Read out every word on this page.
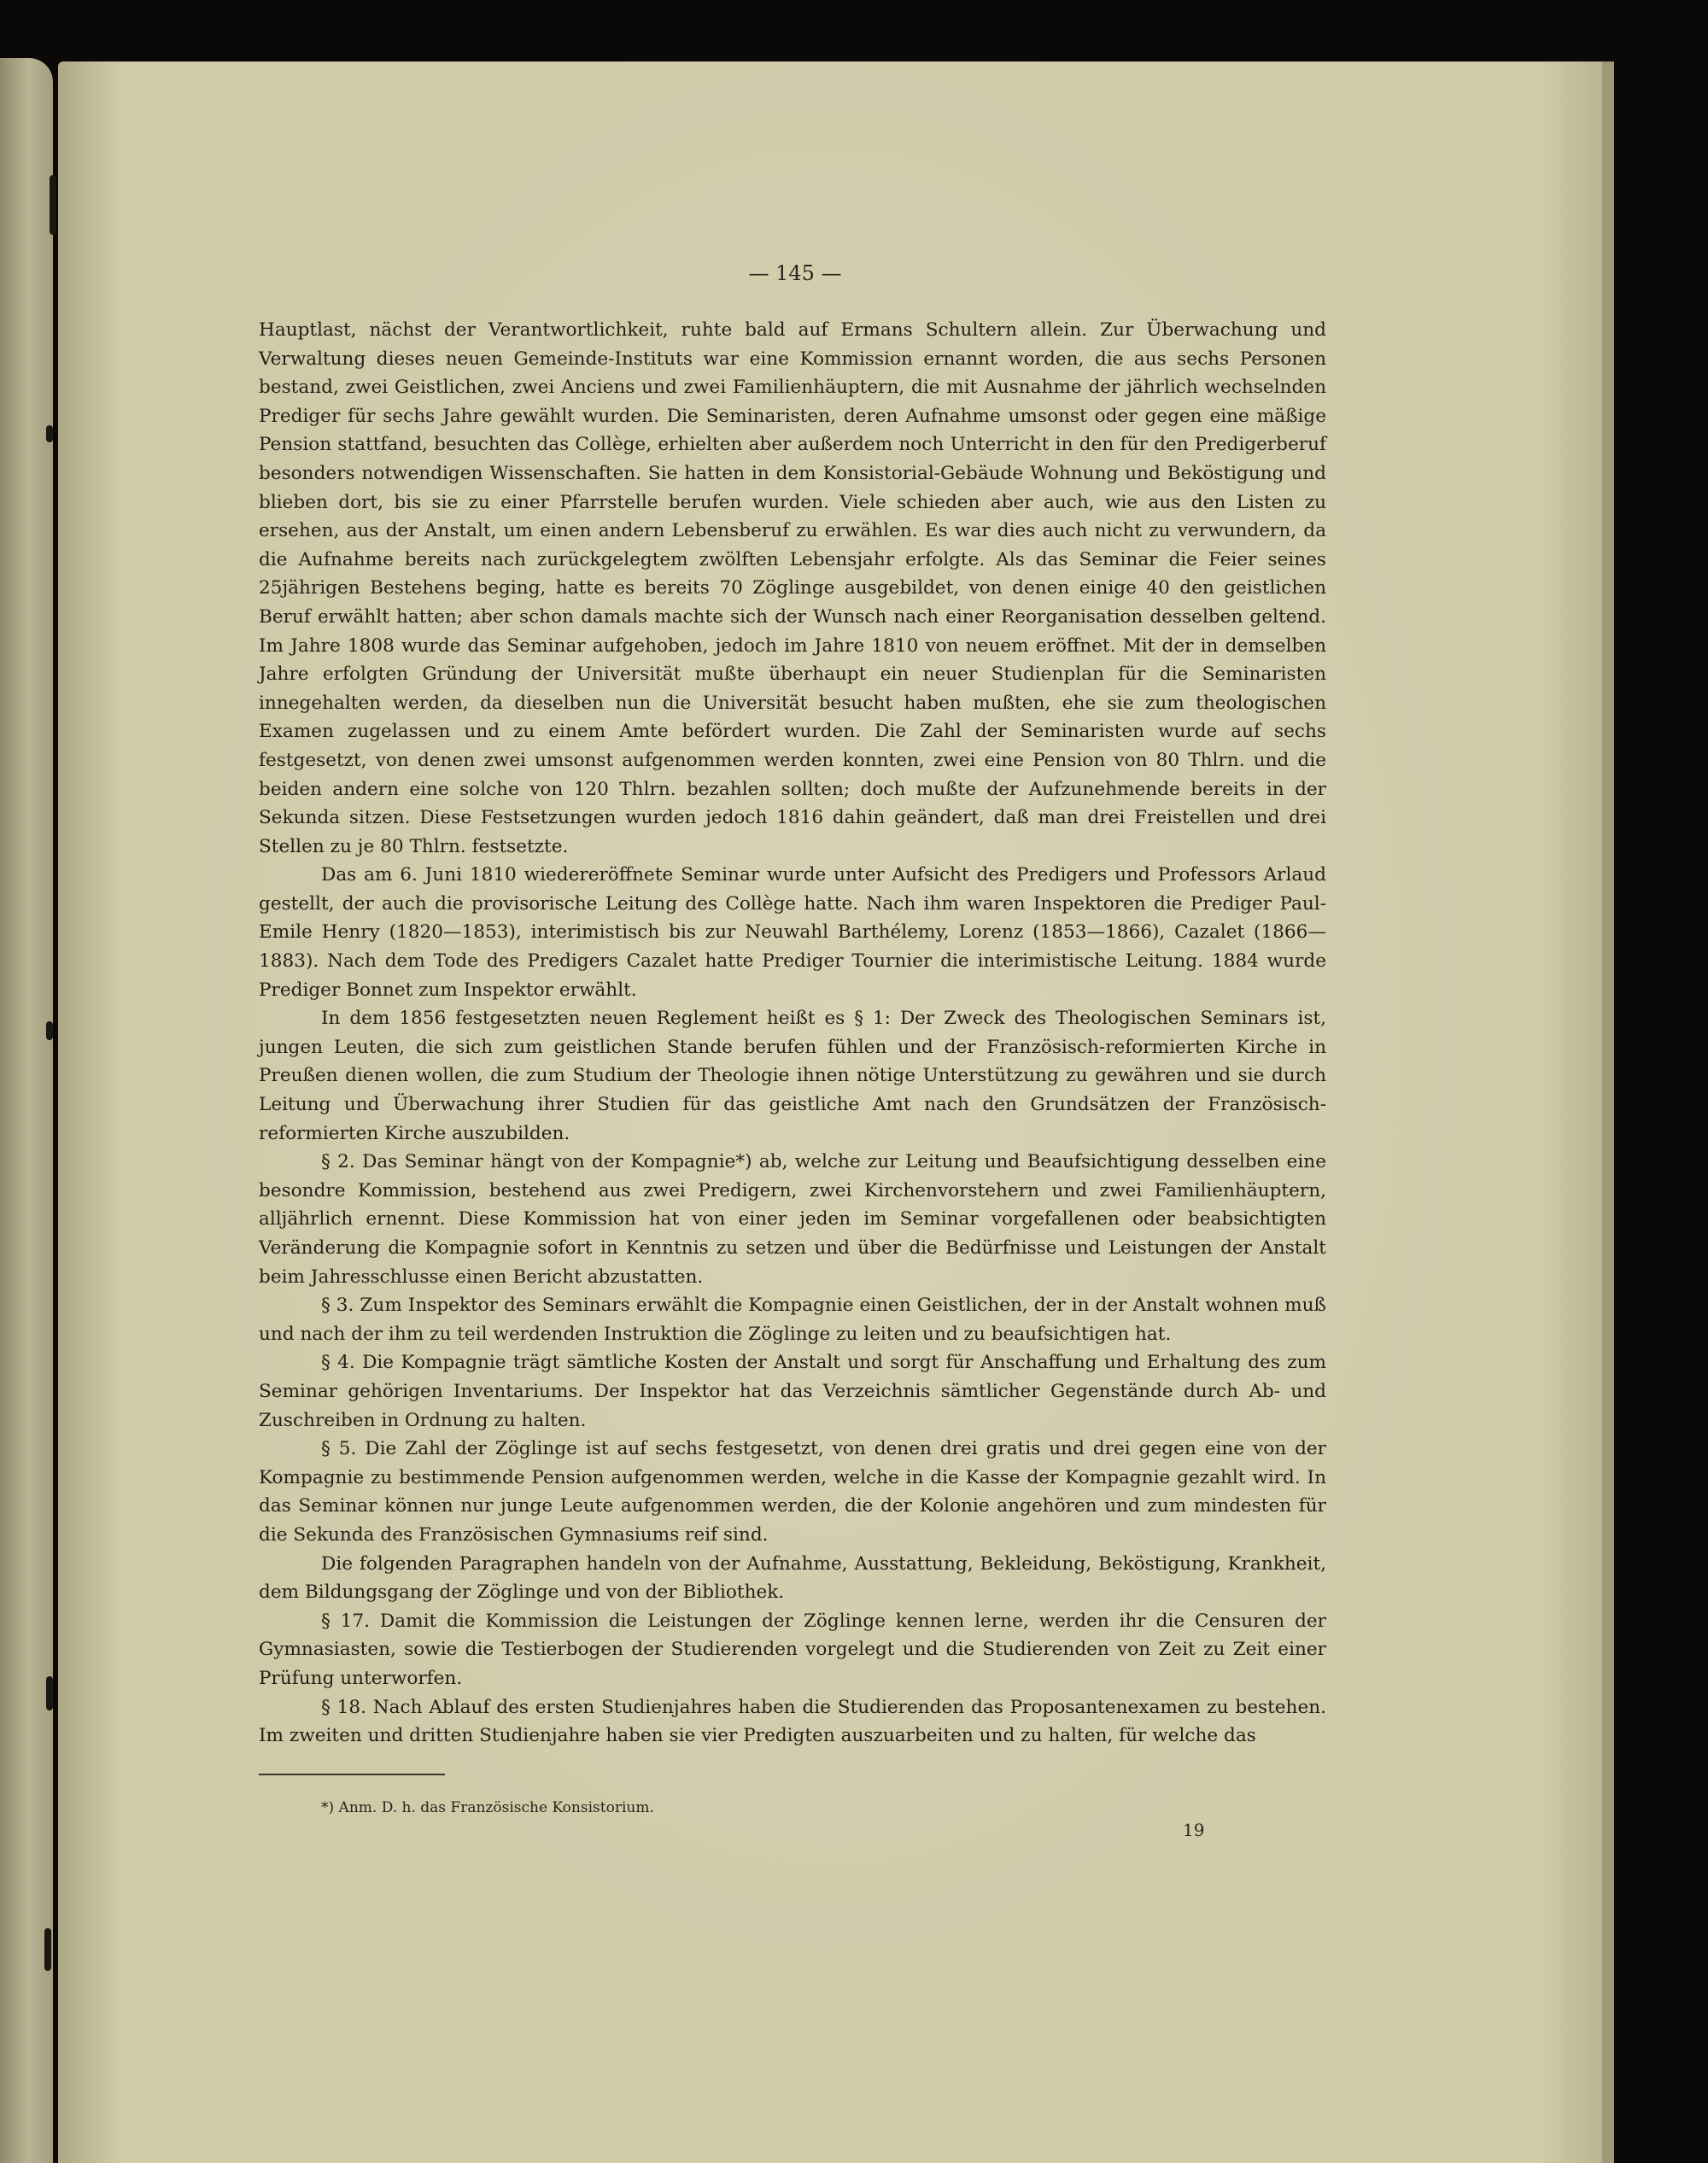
— 145 —

Hauptlast, nächst der Verantwortlichkeit, ruhte bald auf Ermans Schultern allein. Zur Überwachung und Verwaltung dieses neuen Gemeinde-Instituts war eine Kommission ernannt worden, die aus sechs Personen bestand, zwei Geistlichen, zwei Anciens und zwei Familienhäuptern, die mit Ausnahme der jährlich wechselnden Prediger für sechs Jahre gewählt wurden. Die Seminaristen, deren Aufnahme umsonst oder gegen eine mäßige Pension stattfand, besuchten das Collège, erhielten aber außerdem noch Unterricht in den für den Predigerberuf besonders notwendigen Wissenschaften. Sie hatten in dem Konsistorial-Gebäude Wohnung und Beköstigung und blieben dort, bis sie zu einer Pfarrstelle berufen wurden. Viele schieden aber auch, wie aus den Listen zu ersehen, aus der Anstalt, um einen andern Lebensberuf zu erwählen. Es war dies auch nicht zu verwundern, da die Aufnahme bereits nach zurückgelegtem zwölften Lebensjahr erfolgte. Als das Seminar die Feier seines 25jährigen Bestehens beging, hatte es bereits 70 Zöglinge ausgebildet, von denen einige 40 den geistlichen Beruf erwählt hatten; aber schon damals machte sich der Wunsch nach einer Reorganisation desselben geltend. Im Jahre 1808 wurde das Seminar aufgehoben, jedoch im Jahre 1810 von neuem eröffnet. Mit der in demselben Jahre erfolgten Gründung der Universität mußte überhaupt ein neuer Studienplan für die Seminaristen innegehalten werden, da dieselben nun die Universität besucht haben mußten, ehe sie zum theologischen Examen zugelassen und zu einem Amte befördert wurden. Die Zahl der Seminaristen wurde auf sechs festgesetzt, von denen zwei umsonst aufgenommen werden konnten, zwei eine Pension von 80 Thlrn. und die beiden andern eine solche von 120 Thlrn. bezahlen sollten; doch mußte der Aufzunehmende bereits in der Sekunda sitzen. Diese Festsetzungen wurden jedoch 1816 dahin geändert, daß man drei Freistellen und drei Stellen zu je 80 Thlrn. festsetzte.

Das am 6. Juni 1810 wiedereröffnete Seminar wurde unter Aufsicht des Predigers und Professors Arlaud gestellt, der auch die provisorische Leitung des Collège hatte. Nach ihm waren Inspektoren die Prediger Paul-Emile Henry (1820—1853), interimistisch bis zur Neuwahl Barthélemy, Lorenz (1853—1866), Cazalet (1866—1883). Nach dem Tode des Predigers Cazalet hatte Prediger Tournier die interimistische Leitung. 1884 wurde Prediger Bonnet zum Inspektor erwählt.

In dem 1856 festgesetzten neuen Reglement heißt es § 1: Der Zweck des Theologischen Seminars ist, jungen Leuten, die sich zum geistlichen Stande berufen fühlen und der Französisch-reformierten Kirche in Preußen dienen wollen, die zum Studium der Theologie ihnen nötige Unterstützung zu gewähren und sie durch Leitung und Überwachung ihrer Studien für das geistliche Amt nach den Grundsätzen der Französisch-reformierten Kirche auszubilden.

§ 2. Das Seminar hängt von der Kompagnie*) ab, welche zur Leitung und Beaufsichtigung desselben eine besondre Kommission, bestehend aus zwei Predigern, zwei Kirchenvorstehern und zwei Familienhäuptern, alljährlich ernennt. Diese Kommission hat von einer jeden im Seminar vorgefallenen oder beabsichtigten Veränderung die Kompagnie sofort in Kenntnis zu setzen und über die Bedürfnisse und Leistungen der Anstalt beim Jahresschlusse einen Bericht abzustatten.

§ 3. Zum Inspektor des Seminars erwählt die Kompagnie einen Geistlichen, der in der Anstalt wohnen muß und nach der ihm zu teil werdenden Instruktion die Zöglinge zu leiten und zu beaufsichtigen hat.

§ 4. Die Kompagnie trägt sämtliche Kosten der Anstalt und sorgt für Anschaffung und Erhaltung des zum Seminar gehörigen Inventariums. Der Inspektor hat das Verzeichnis sämtlicher Gegenstände durch Ab- und Zuschreiben in Ordnung zu halten.

§ 5. Die Zahl der Zöglinge ist auf sechs festgesetzt, von denen drei gratis und drei gegen eine von der Kompagnie zu bestimmende Pension aufgenommen werden, welche in die Kasse der Kompagnie gezahlt wird. In das Seminar können nur junge Leute aufgenommen werden, die der Kolonie angehören und zum mindesten für die Sekunda des Französischen Gymnasiums reif sind.

Die folgenden Paragraphen handeln von der Aufnahme, Ausstattung, Bekleidung, Beköstigung, Krankheit, dem Bildungsgang der Zöglinge und von der Bibliothek.

§ 17. Damit die Kommission die Leistungen der Zöglinge kennen lerne, werden ihr die Censuren der Gymnasiasten, sowie die Testierbogen der Studierenden vorgelegt und die Studierenden von Zeit zu Zeit einer Prüfung unterworfen.

§ 18. Nach Ablauf des ersten Studienjahres haben die Studierenden das Proposantenexamen zu bestehen. Im zweiten und dritten Studienjahre haben sie vier Predigten auszuarbeiten und zu halten, für welche das

*) Anm. D. h. das Französische Konsistorium.
19
